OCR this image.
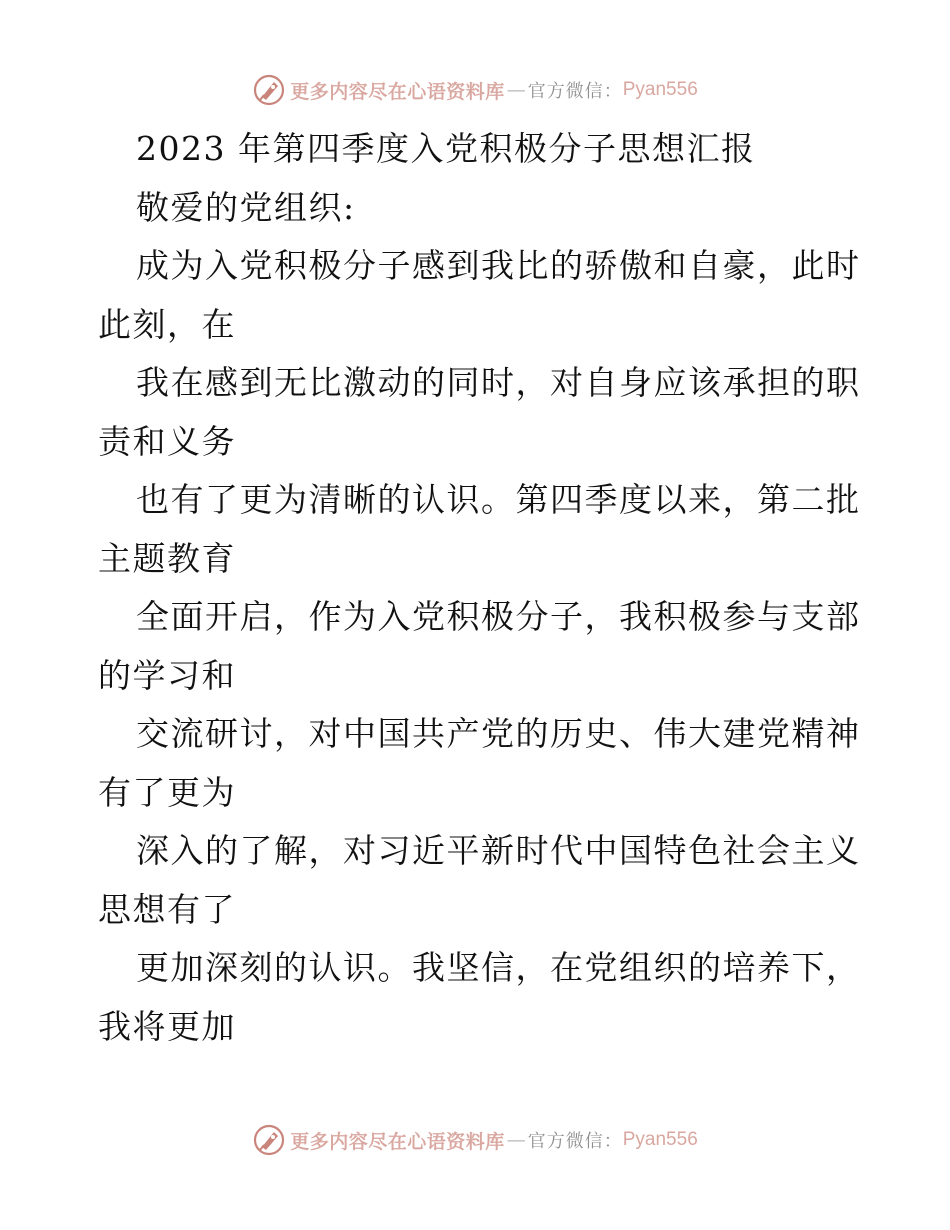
更多内容尽在心语资料库 — 官方微信： Pyan556
2023 年第四季度入党积极分子思想汇报
敬爱的党组织:
成为入党积极分子感到我比的骄傲和自豪，此时
此刻，在
我在感到无比激动的同时，对自身应该承担的职
责和义务
也有了更为清晰的认识。第四季度以来，第二批
主题教育
全面开启，作为入党积极分子，我积极参与支部
的学习和
交流研讨，对中国共产党的历史、伟大建党精神
有了更为
深入的了解，对习近平新时代中国特色社会主义
思想有了
更加深刻的认识。我坚信，在党组织的培养下，
我将更加
更多内容尽在心语资料库 — 官方微信： Pyan556
